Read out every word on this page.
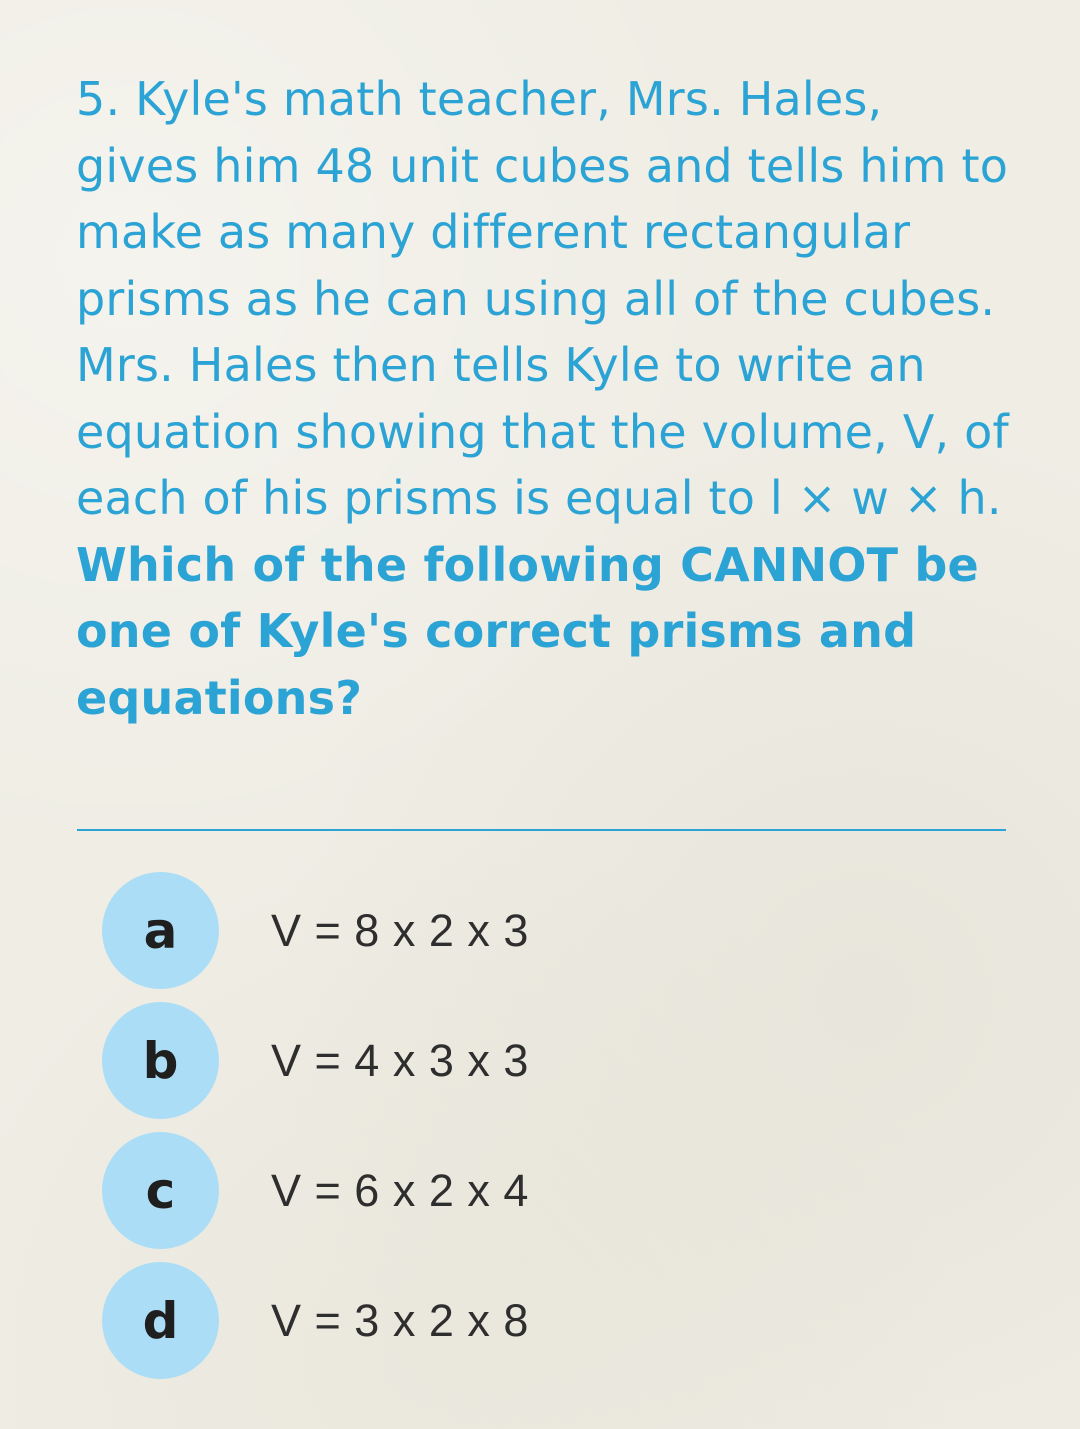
5. Kyle's math teacher, Mrs. Hales, gives him 48 unit cubes and tells him to make as many different rectangular prisms as he can using all of the cubes. Mrs. Hales then tells Kyle to write an equation showing that the volume, V, of each of his prisms is equal to l × w × h. Which of the following CANNOT be one of Kyle's correct prisms and equations?

a	V = 8 x 2 x 3
b	V = 4 x 3 x 3
c	V = 6 x 2 x 4
d	V = 3 x 2 x 8
